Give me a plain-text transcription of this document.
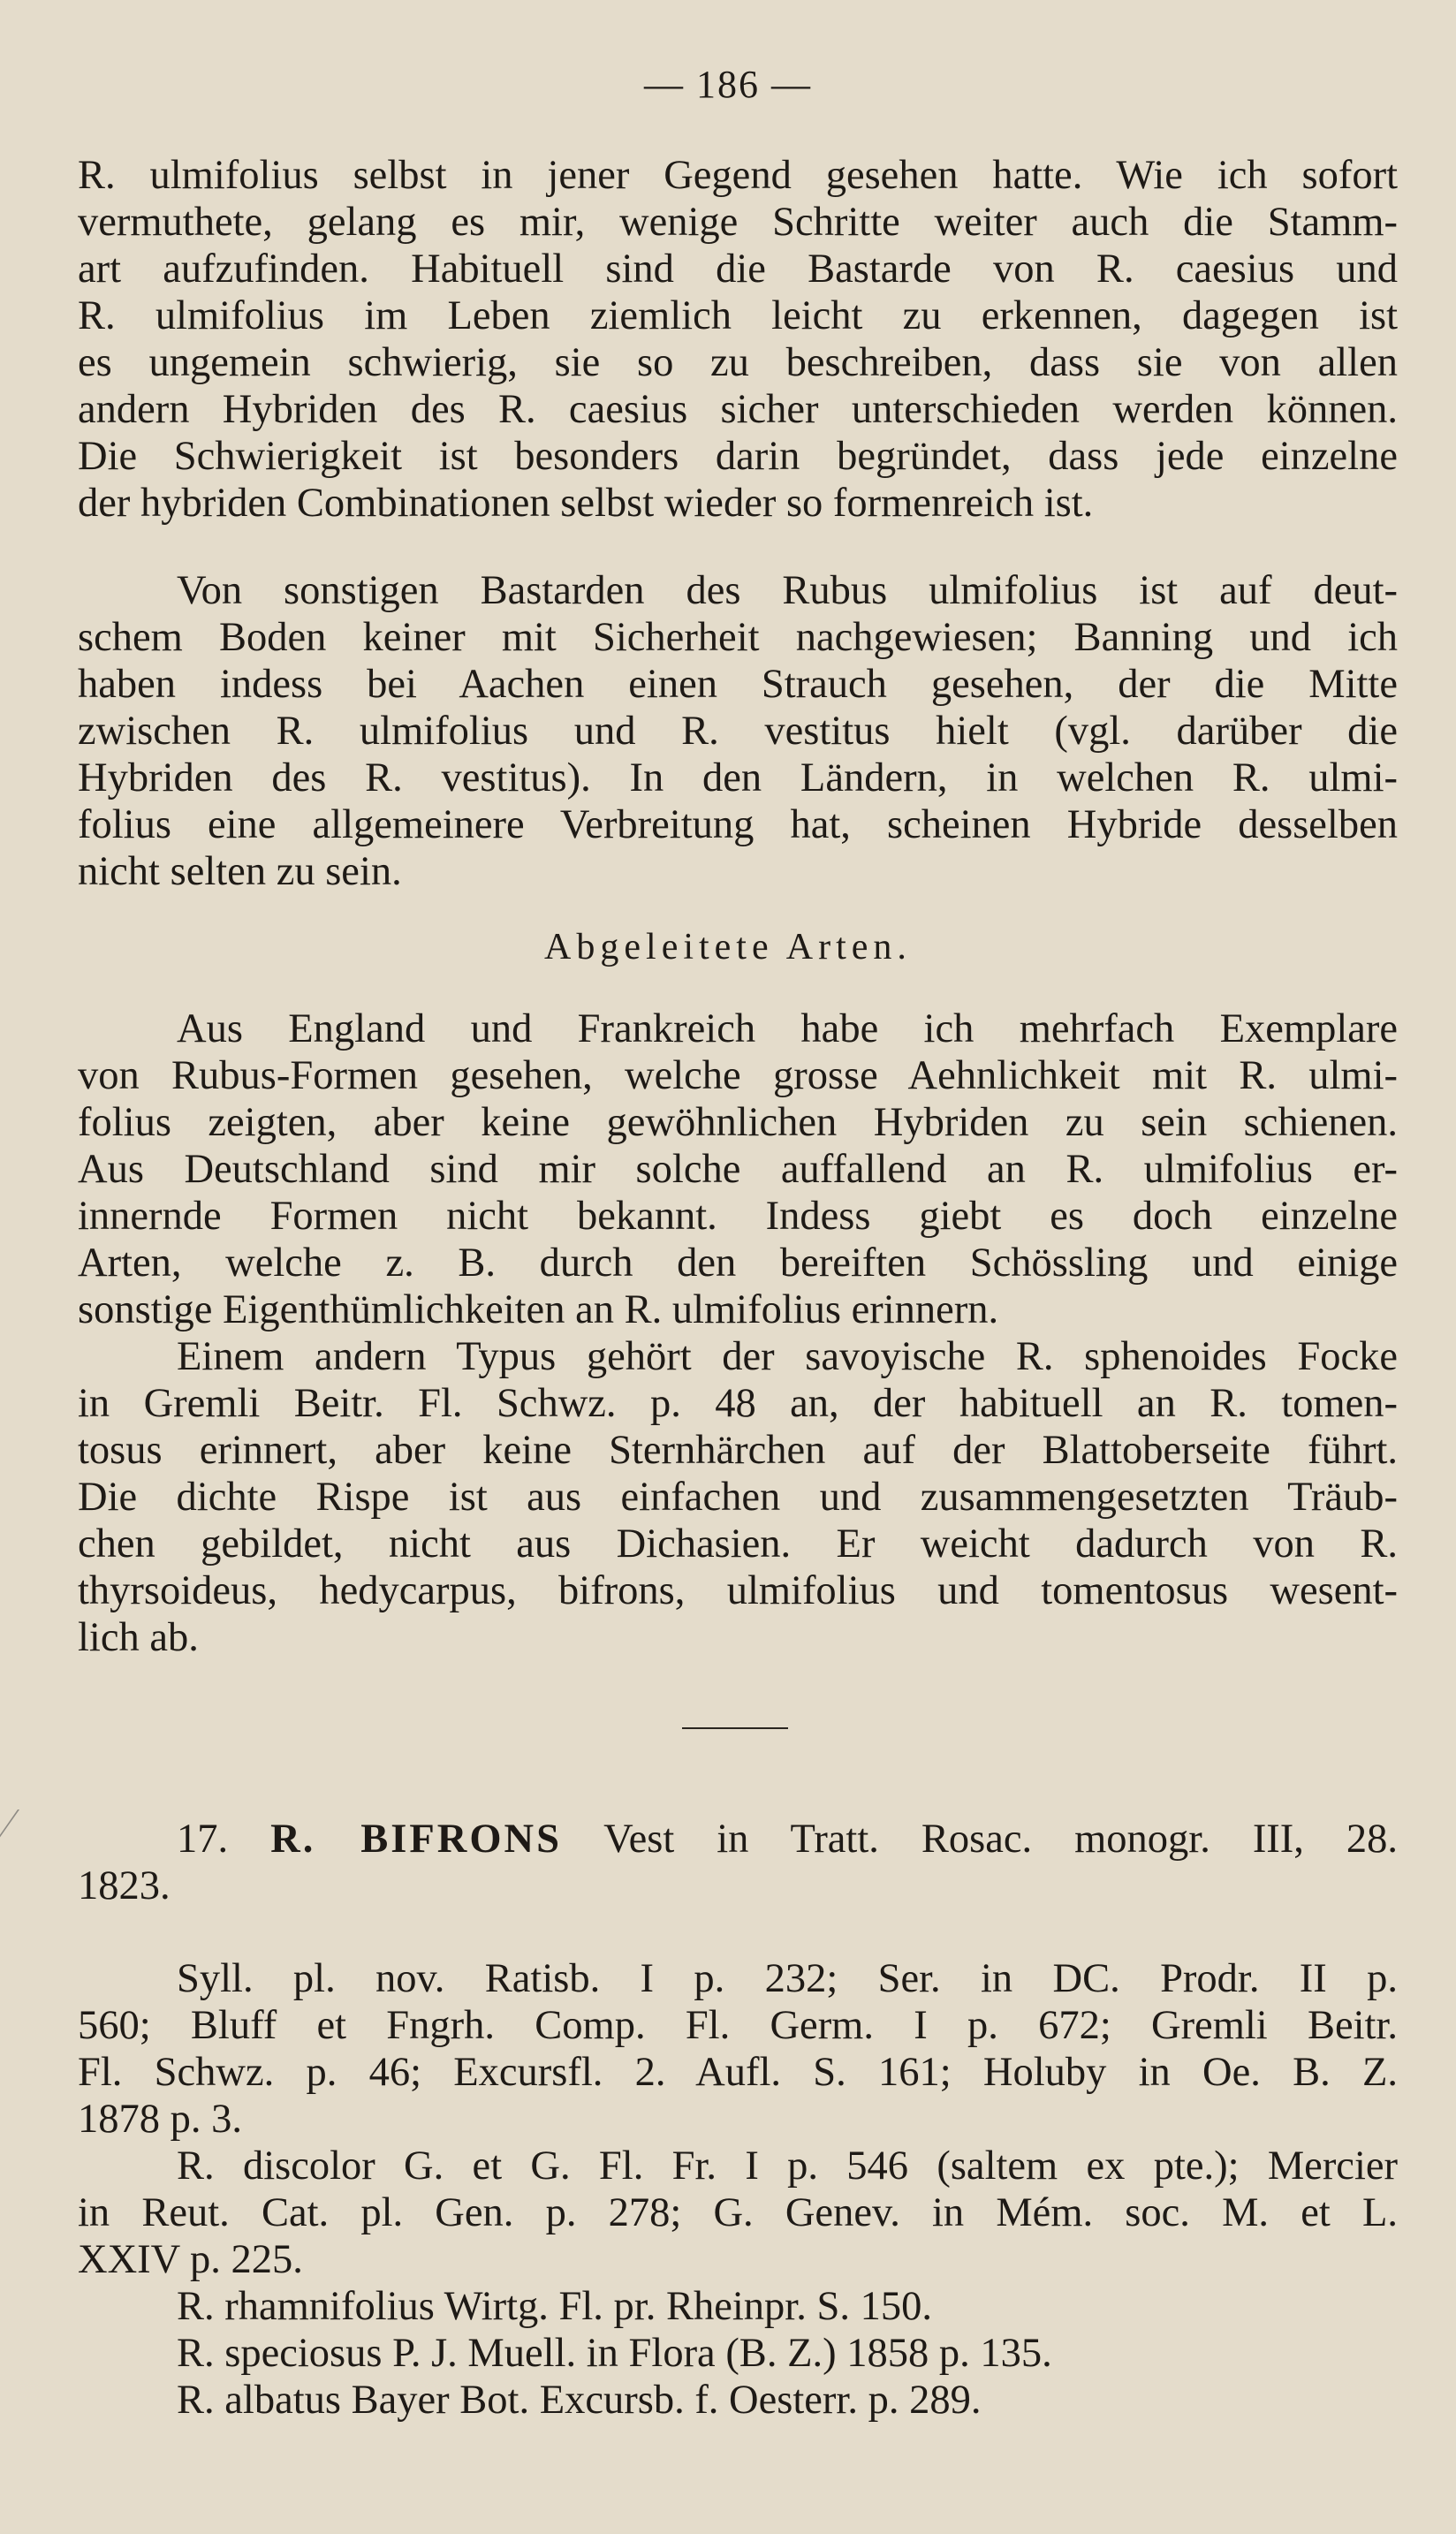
— 186 —

R. ulmifolius selbst in jener Gegend gesehen hatte. Wie ich sofort
vermuthete, gelang es mir, wenige Schritte weiter auch die Stamm-
art aufzufinden. Habituell sind die Bastarde von R. caesius und
R. ulmifolius im Leben ziemlich leicht zu erkennen, dagegen ist
es ungemein schwierig, sie so zu beschreiben, dass sie von allen
andern Hybriden des R. caesius sicher unterschieden werden können.
Die Schwierigkeit ist besonders darin begründet, dass jede einzelne
der hybriden Combinationen selbst wieder so formenreich ist.

Von sonstigen Bastarden des Rubus ulmifolius ist auf deut-
schem Boden keiner mit Sicherheit nachgewiesen; Banning und ich
haben indess bei Aachen einen Strauch gesehen, der die Mitte
zwischen R. ulmifolius und R. vestitus hielt (vgl. darüber die
Hybriden des R. vestitus). In den Ländern, in welchen R. ulmi-
folius eine allgemeinere Verbreitung hat, scheinen Hybride desselben
nicht selten zu sein.

Abgeleitete Arten.

Aus England und Frankreich habe ich mehrfach Exemplare
von Rubus-Formen gesehen, welche grosse Aehnlichkeit mit R. ulmi-
folius zeigten, aber keine gewöhnlichen Hybriden zu sein schienen.
Aus Deutschland sind mir solche auffallend an R. ulmifolius er-
innernde Formen nicht bekannt. Indess giebt es doch einzelne
Arten, welche z. B. durch den bereiften Schössling und einige
sonstige Eigenthümlichkeiten an R. ulmifolius erinnern.

Einem andern Typus gehört der savoyische R. sphenoides Focke
in Gremli Beitr. Fl. Schwz. p. 48 an, der habituell an R. tomen-
tosus erinnert, aber keine Sternhärchen auf der Blattoberseite führt.
Die dichte Rispe ist aus einfachen und zusammengesetzten Träub-
chen gebildet, nicht aus Dichasien. Er weicht dadurch von R.
thyrsoideus, hedycarpus, bifrons, ulmifolius und tomentosus wesent-
lich ab.

17. R. BIFRONS Vest in Tratt. Rosac. monogr. III, 28.
1823.

Syll. pl. nov. Ratisb. I p. 232; Ser. in DC. Prodr. II p.
560; Bluff et Fngrh. Comp. Fl. Germ. I p. 672; Gremli Beitr.
Fl. Schwz. p. 46; Excursfl. 2. Aufl. S. 161; Holuby in Oe. B. Z.
1878 p. 3.

R. discolor G. et G. Fl. Fr. I p. 546 (saltem ex pte.); Mercier
in Reut. Cat. pl. Gen. p. 278; G. Genev. in Mém. soc. M. et L.
XXIV p. 225.

R. rhamnifolius Wirtg. Fl. pr. Rheinpr. S. 150.

R. speciosus P. J. Muell. in Flora (B. Z.) 1858 p. 135.

R. albatus Bayer Bot. Excursb. f. Oesterr. p. 289.
